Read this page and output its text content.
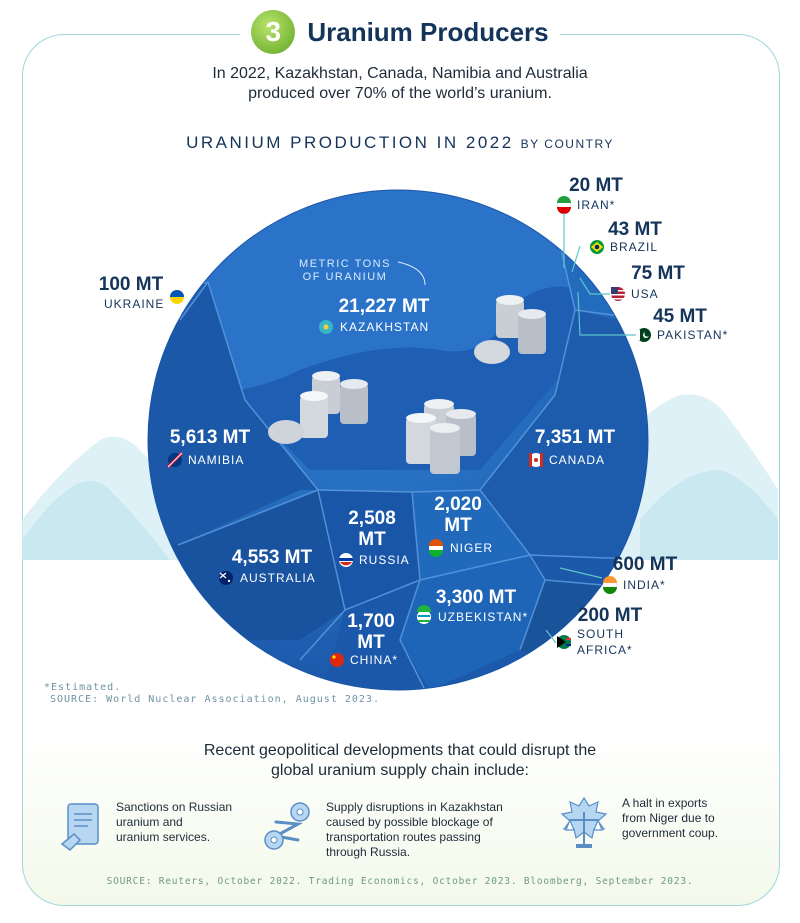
3	Uranium Producers
In 2022, Kazakhstan, Canada, Namibia and Australia
produced over 70% of the world’s uranium.
URANIUM PRODUCTION IN 2022 BY COUNTRY
METRIC TONS
OF URANIUM
21,227 MT
KAZAKHSTAN
7,351 MT
CANADA
5,613 MT
NAMIBIA
4,553 MT
AUSTRALIA
3,300 MT
UZBEKISTAN*
2,508
MT
RUSSIA
2,020
MT
NIGER
1,700
MT
CHINA*
600 MT
INDIA*
100 MT
UKRAINE
20 MT
IRAN*
43 MT
BRAZIL
75 MT
USA
45 MT
PAKISTAN*
200 MT
SOUTH
AFRICA*
*Estimated.
SOURCE: World Nuclear Association, August 2023.
Recent geopolitical developments that could disrupt the
global uranium supply chain include:
Sanctions on Russian
uranium and
uranium services.
Supply disruptions in Kazakhstan
caused by possible blockage of
transportation routes passing
through Russia.
A halt in exports
from Niger due to
government coup.
SOURCE: Reuters, October 2022. Trading Economics, October 2023. Bloomberg, September 2023.
